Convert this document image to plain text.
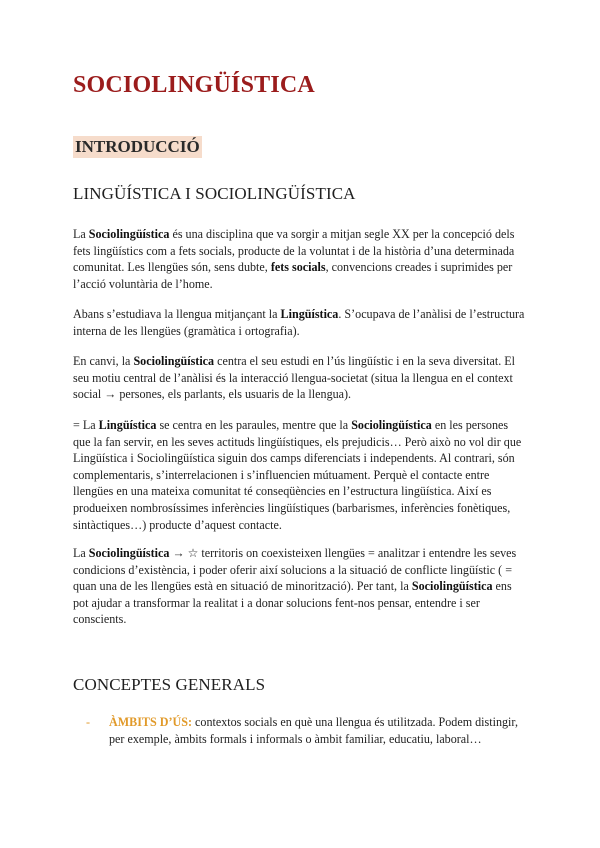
SOCIOLINGÜÍSTICA
INTRODUCCIÓ
LINGÜÍSTICA I SOCIOLINGÜÍSTICA

La Sociolingüística és una disciplina que va sorgir a mitjan segle XX per la concepció dels fets lingüístics com a fets socials, producte de la voluntat i de la història d’una determinada comunitat. Les llengües són, sens dubte, fets socials, convencions creades i suprimides per l’acció voluntària de l’home.

Abans s’estudiava la llengua mitjançant la Lingüística. S’ocupava de l’anàlisi de l’estructura interna de les llengües (gramàtica i ortografia).

En canvi, la Sociolingüística centra el seu estudi en l’ús lingüístic i en la seva diversitat. El seu motiu central de l’anàlisi és la interacció llengua-societat (situa la llengua en el context social → persones, els parlants, els usuaris de la llengua).

= La Lingüística se centra en les paraules, mentre que la Sociolingüística en les persones que la fan servir, en les seves actituds lingüístiques, els prejudicis… Però això no vol dir que Lingüística i Sociolingüística siguin dos camps diferenciats i independents. Al contrari, són complementaris, s’interrelacionen i s’influencien mútuament. Perquè el contacte entre llengües en una mateixa comunitat té conseqüències en l’estructura lingüística. Així es produeixen nombrosíssimes inferències lingüístiques (barbarismes, inferències fonètiques, sintàctiques…) producte d’aquest contacte.

La Sociolingüística → ☆ territoris on coexisteixen llengües = analitzar i entendre les seves condicions d’existència, i poder oferir així solucions a la situació de conflicte lingüístic ( = quan una de les llengües està en situació de minorització). Per tant, la Sociolingüística ens pot ajudar a transformar la realitat i a donar solucions fent-nos pensar, entendre i ser conscients.

CONCEPTES GENERALS
- ÀMBITS D’ÚS: contextos socials en què una llengua és utilitzada. Podem distingir, per exemple, àmbits formals i informals o àmbit familiar, educatiu, laboral…
